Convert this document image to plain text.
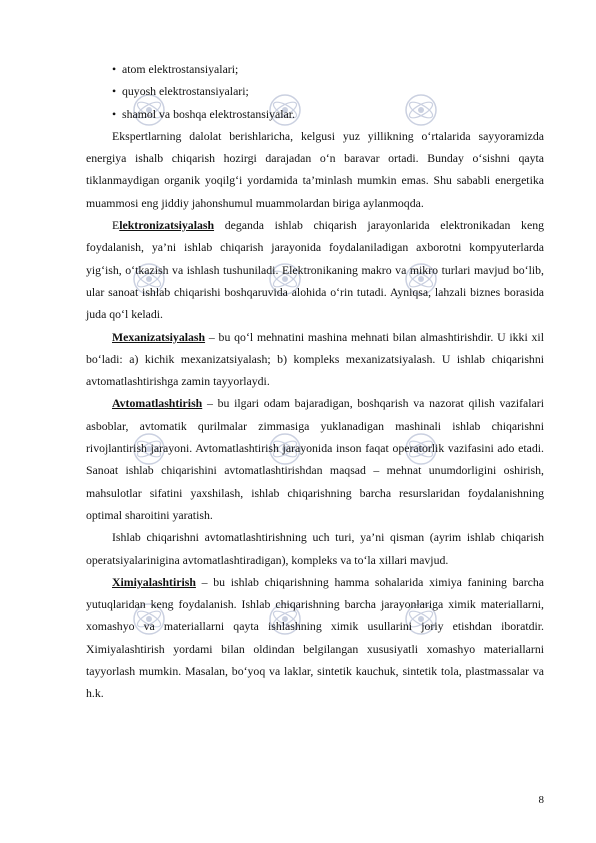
• atom elektrostansiyalari;

• quyosh elektrostansiyalari;

• shamol va boshqa elektrostansiyalar.

Ekspertlarning dalolat berishlaricha, kelgusi yuz yillikning o‘rtalarida sayyoramizda energiya ishalb chiqarish hozirgi darajadan o‘n baravar ortadi. Bunday o‘sishni qayta tiklanmaydigan organik yoqilg‘i yordamida ta’minlash mumkin emas. Shu sababli energetika muammosi eng jiddiy jahonshumul muammolardan biriga aylanmoqda.

Elektronizatsiyalash deganda ishlab chiqarish jarayonlarida elektronikadan keng foydalanish, ya’ni ishlab chiqarish jarayonida foydalaniladigan axborotni kompyuterlarda yig‘ish, o‘tkazish va ishlash tushuniladi. Elektronikaning makro va mikro turlari mavjud bo‘lib, ular sanoat ishlab chiqarishi boshqaruvida alohida o‘rin tutadi. Ayniqsa, lahzali biznes borasida juda qo‘l keladi.

Mexanizatsiyalash – bu qo‘l mehnatini mashina mehnati bilan almashtirishdir. U ikki xil bo‘ladi: a) kichik mexanizatsiyalash; b) kompleks mexanizatsiyalash. U ishlab chiqarishni avtomatlashtirishga zamin tayyorlaydi.

Avtomatlashtirish – bu ilgari odam bajaradigan, boshqarish va nazorat qilish vazifalari asboblar, avtomatik qurilmalar zimmasiga yuklanadigan mashinali ishlab chiqarishni rivojlantirish jarayoni. Avtomatlashtirish jarayonida inson faqat operatorlik vazifasini ado etadi. Sanoat ishlab chiqarishini avtomatlashtirishdan maqsad – mehnat unumdorligini oshirish, mahsulotlar sifatini yaxshilash, ishlab chiqarishning barcha resurslaridan foydalanishning optimal sharoitini yaratish.

Ishlab chiqarishni avtomatlashtirishning uch turi, ya’ni qisman (ayrim ishlab chiqarish operatsiyalarinigina avtomatlashtiradigan), kompleks va to‘la xillari mavjud.

Ximiyalashtirish – bu ishlab chiqarishning hamma sohalarida ximiya fanining barcha yutuqlaridan keng foydalanish. Ishlab chiqarishning barcha jarayonlariga ximik materiallarni, xomashyo va materiallarni qayta ishlashning ximik usullarini joriy etishdan iboratdir. Ximiyalashtirish yordami bilan oldindan belgilangan xususiyatli xomashyo materiallarni tayyorlash mumkin. Masalan, bo‘yoq va laklar, sintetik kauchuk, sintetik tola, plastmassalar va h.k.

8
